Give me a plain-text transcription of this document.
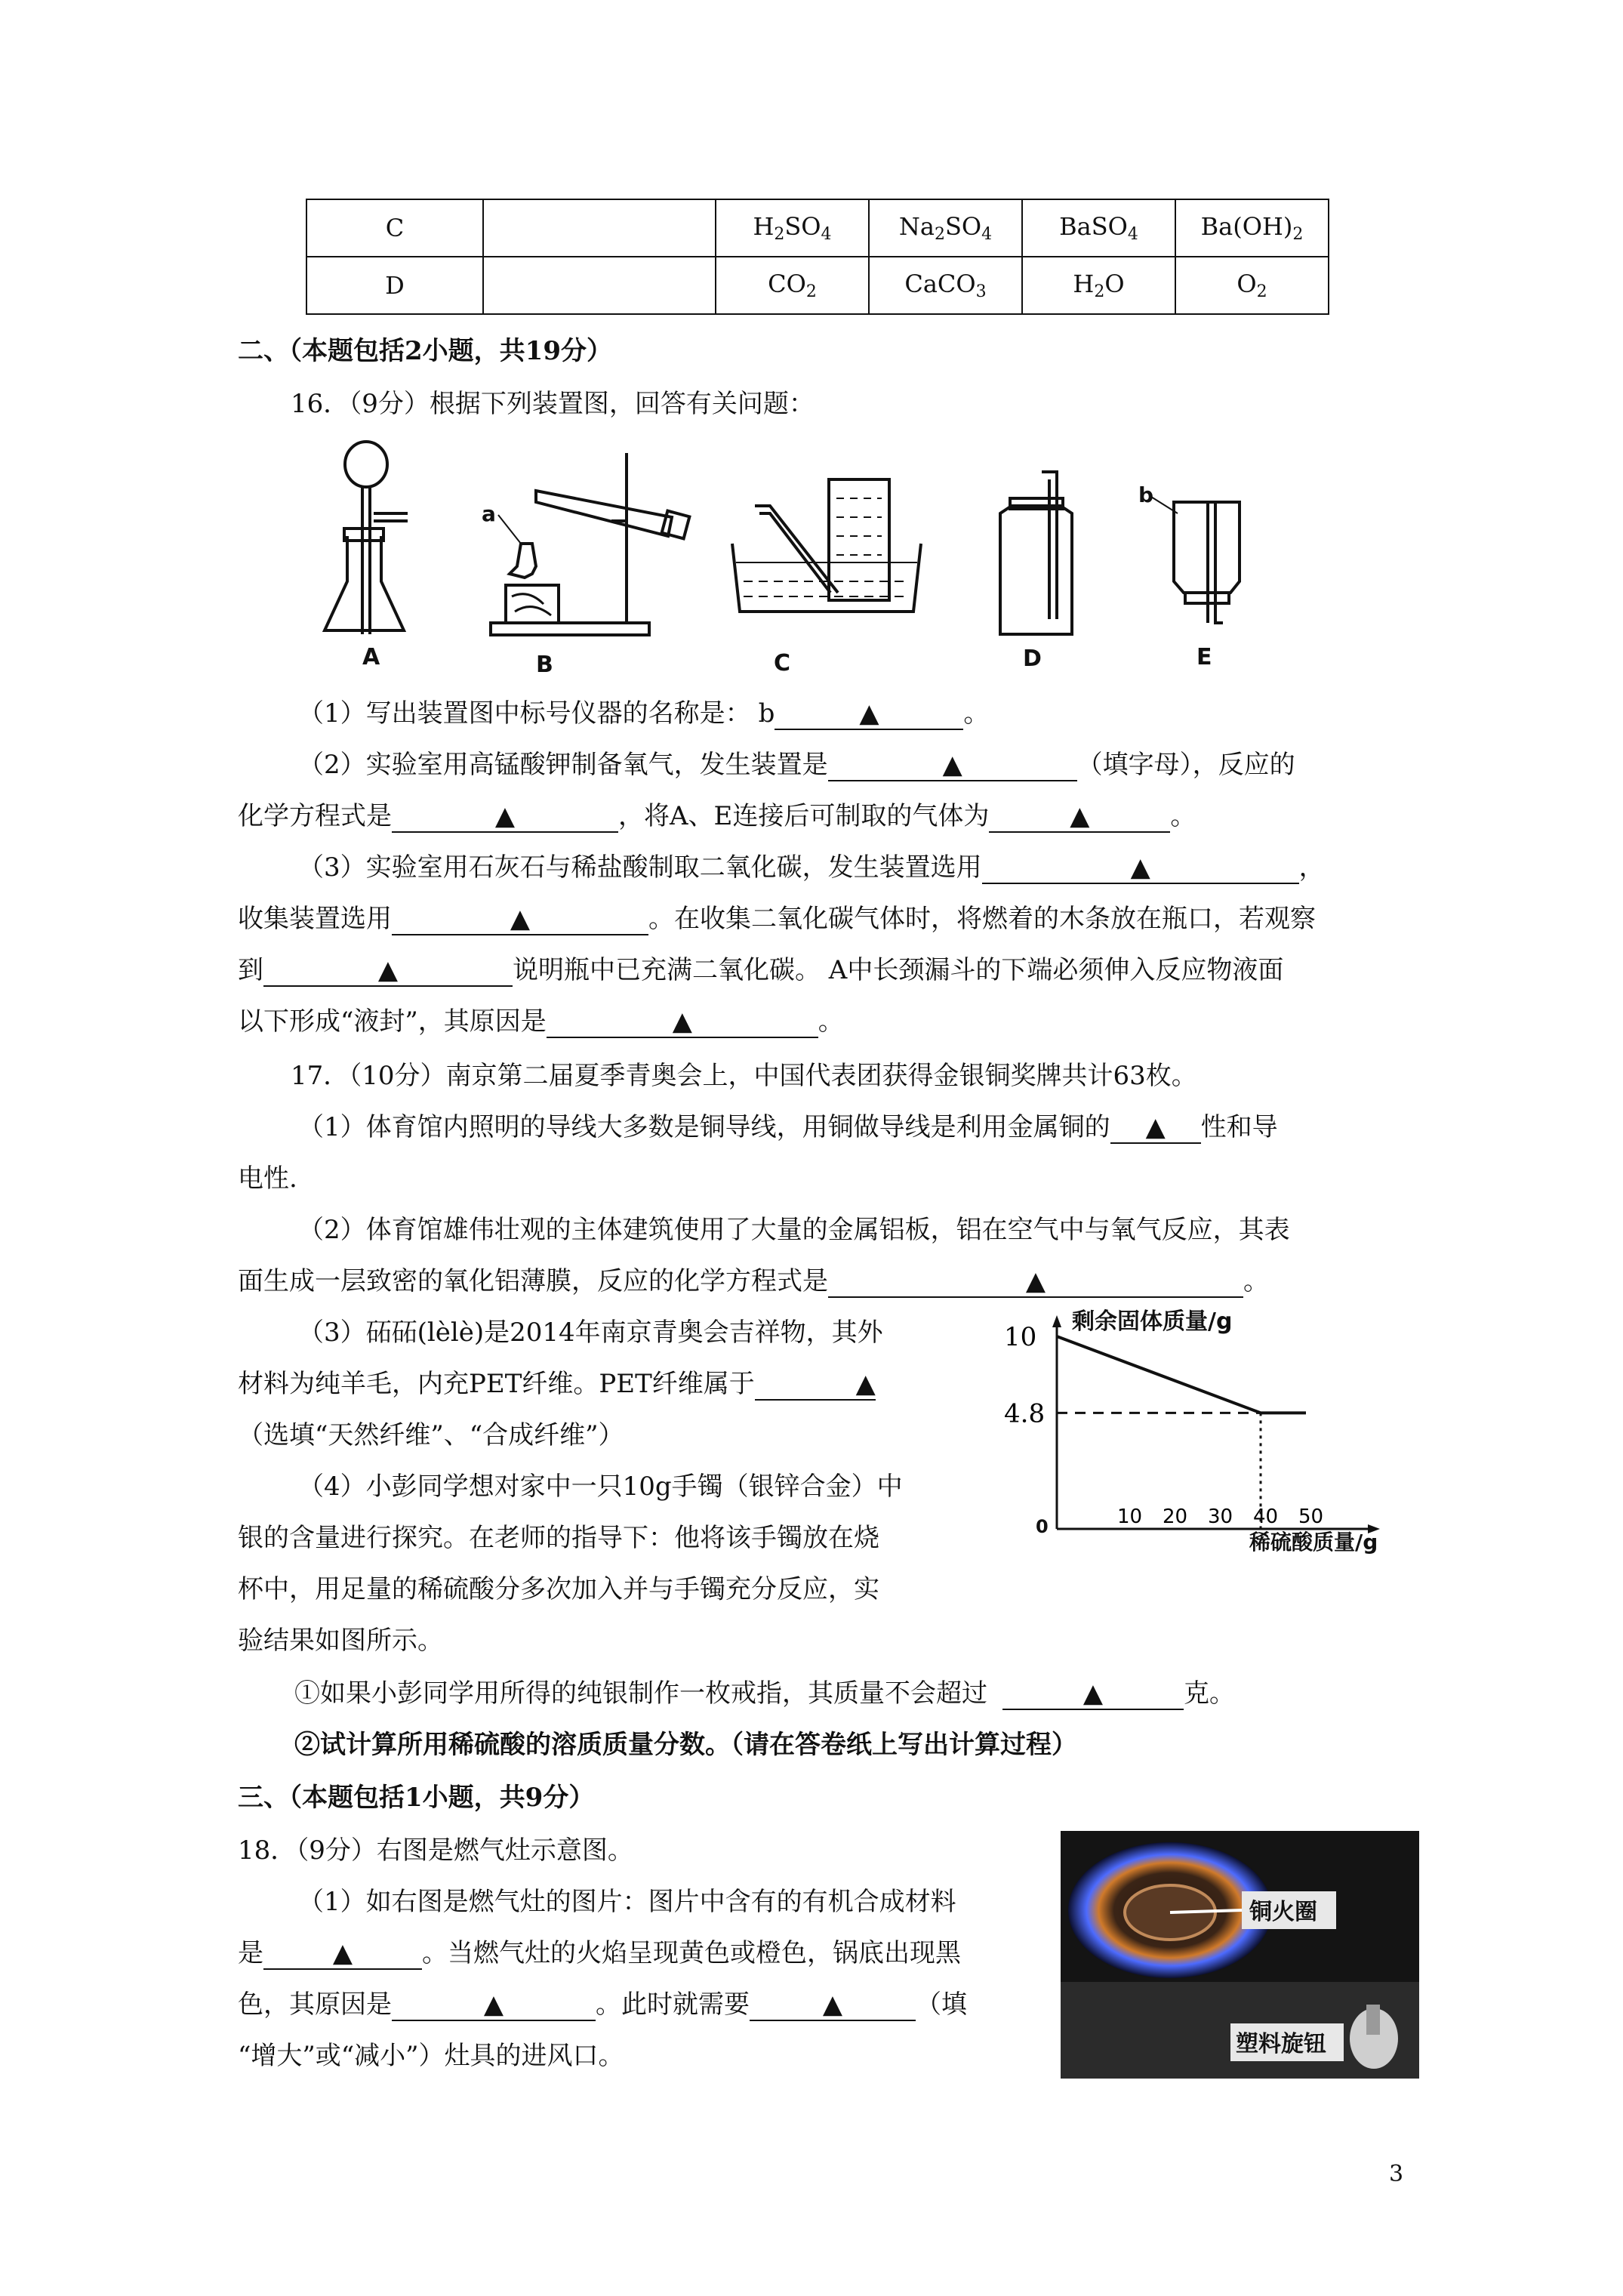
C		$H_2SO_4$	$Na_2SO_4$	BaSO$_4$	$Ba(OH)_2$
D		$CO_2$	CaCO$_3$	$H_2O$	$O_2$
二、（本题包括2小题，共19分）
16．（9分）根据下列装置图，回答有关问题：
A
a
B	C	D
b
E
（1）写出装置图中标号仪器的名称是： b	▲	。
（2）实验室用高锰酸钾制备氧气，发生装置是	▲	（填字母），反应的
化学方程式是	▲	，将A、E连接后可制取的气体为	▲	。
（3）实验室用石灰石与稀盐酸制取二氧化碳，发生装置选用	▲	，
收集装置选用	▲	。在收集二氧化碳气体时，将燃着的木条放在瓶口，若观察
到	▲	说明瓶中已充满二氧化碳。 A中长颈漏斗的下端必须伸入反应物液面
以下形成“液封”，其原因是	▲	。
17．（10分）南京第二届夏季青奥会上，中国代表团获得金银铜奖牌共计63枚。
（1）体育馆内照明的导线大多数是铜导线，用铜做导线是利用金属铜的 ▲ 性和导
电性.
（2）体育馆雄伟壮观的主体建筑使用了大量的金属铝板，铝在空气中与氧气反应，其表
面生成一层致密的氧化铝薄膜，反应的化学方程式是	▲	。
（3）砳砳(lèlè)是2014年南京青奥会吉祥物，其外
材料为纯羊毛，内充PET纤维。PET纤维属于	▲
（选填“天然纤维”、“合成纤维”）
（4）小彭同学想对家中一只10g手镯（银锌合金）中
银的含量进行探究。在老师的指导下：他将该手镯放在烧
杯中，用足量的稀硫酸分多次加入并与手镯充分反应，实
验结果如图所示。
剩余固体质量/g
稀硫酸质量/g
0	10 20 30 40 50
10
4.8
①如果小彭同学用所得的纯银制作一枚戒指，其质量不会超过	▲	克。
②试计算所用稀硫酸的溶质质量分数。（请在答卷纸上写出计算过程）
三、（本题包括1小题，共9分）
18．（9分）右图是燃气灶示意图。
（1）如右图是燃气灶的图片：图片中含有的有机合成材料
是	▲	。当燃气灶的火焰呈现黄色或橙色，锅底出现黑
色，其原因是	▲	。此时就需要	▲	（填
“增大”或“减小”）灶具的进风口。
铜火圈
塑料旋钮
3
